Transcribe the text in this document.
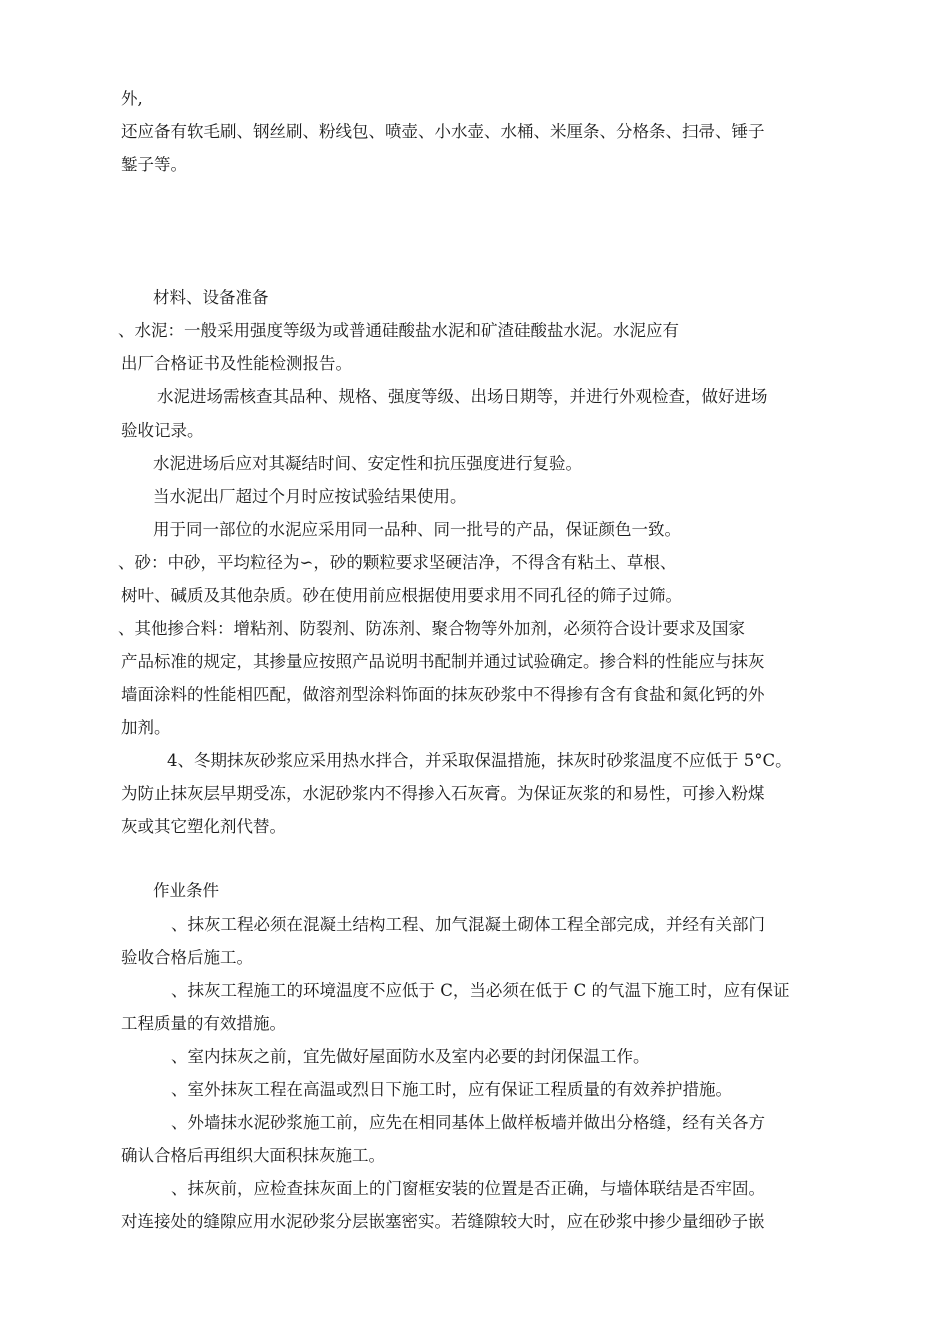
外,

还应备有软毛刷、钢丝刷、粉线包、喷壶、小水壶、水桶、米厘条、分格条、扫帚、锤子

錾子等。

材料、设备准备

、水泥：一般采用强度等级为或普通硅酸盐水泥和矿渣硅酸盐水泥。水泥应有

出厂合格证书及性能检测报告。

水泥进场需核查其品种、规格、强度等级、出场日期等，并进行外观检查，做好进场

验收记录。

水泥进场后应对其凝结时间、安定性和抗压强度进行复验。

当水泥出厂超过个月时应按试验结果使用。

用于同一部位的水泥应采用同一品种、同一批号的产品，保证颜色一致。

、砂：中砂，平均粒径为∽，砂的颗粒要求坚硬洁净，不得含有粘土、草根、

树叶、碱质及其他杂质。砂在使用前应根据使用要求用不同孔径的筛子过筛。

、其他掺合料：增粘剂、防裂剂、防冻剂、聚合物等外加剂，必须符合设计要求及国家

产品标准的规定，其掺量应按照产品说明书配制并通过试验确定。掺合料的性能应与抹灰

墙面涂料的性能相匹配，做溶剂型涂料饰面的抹灰砂浆中不得掺有含有食盐和氮化钙的外

加剂。

4、冬期抹灰砂浆应采用热水拌合，并采取保温措施，抹灰时砂浆温度不应低于 5°C。

为防止抹灰层早期受冻，水泥砂浆内不得掺入石灰膏。为保证灰浆的和易性，可掺入粉煤

灰或其它塑化剂代替。

作业条件

、抹灰工程必须在混凝土结构工程、加气混凝土砌体工程全部完成，并经有关部门

验收合格后施工。

、抹灰工程施工的环境温度不应低于 C，当必须在低于 C 的气温下施工时，应有保证

工程质量的有效措施。

、室内抹灰之前，宜先做好屋面防水及室内必要的封闭保温工作。

、室外抹灰工程在高温或烈日下施工时，应有保证工程质量的有效养护措施。

、外墙抹水泥砂浆施工前，应先在相同基体上做样板墙并做出分格缝，经有关各方

确认合格后再组织大面积抹灰施工。

、抹灰前，应检查抹灰面上的门窗框安装的位置是否正确，与墙体联结是否牢固。

对连接处的缝隙应用水泥砂浆分层嵌塞密实。若缝隙较大时，应在砂浆中掺少量细砂子嵌
